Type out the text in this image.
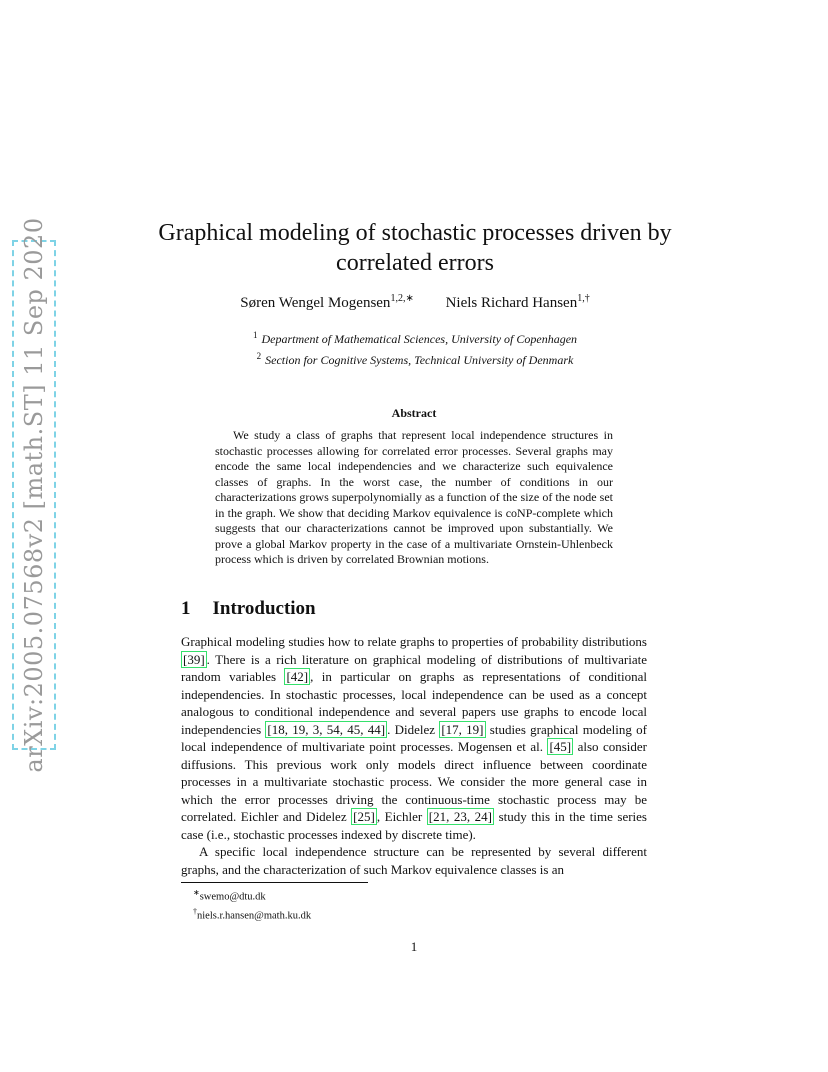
arXiv:2005.07568v2 [math.ST] 11 Sep 2020	Graphical modeling of stochastic processes driven by correlated errors
Søren Wengel Mogensen$^{1,2,∗}$ Niels Richard Hansen$^{1,\dagger}$
$^1$ Department of Mathematical Sciences, University of Copenhagen
$^2$ Section for Cognitive Systems, Technical University of Denmark
Abstract
We study a class of graphs that represent local independence structures in stochastic processes allowing for correlated error processes. Several graphs may encode the same local independencies and we characterize such equivalence classes of graphs. In the worst case, the number of conditions in our characterizations grows superpolynomially as a function of the size of the node set in the graph. We show that deciding Markov equivalence is coNP-complete which suggests that our characterizations cannot be improved upon substantially. We prove a global Markov property in the case of a multivariate Ornstein-Uhlenbeck process which is driven by correlated Brownian motions.
1 Introduction

Graphical modeling studies how to relate graphs to properties of probability distributions [39] . There is a rich literature on graphical modeling of distributions of multivariate random variables [42] , in particular on graphs as representations of conditional independencies. In stochastic processes, local independence can be used as a concept analogous to conditional independence and several papers use graphs to encode local independencies [18, 19, 3, 54, 45, 44] . Didelez [17, 19] studies graphical modeling of local independence of multivariate point processes. Mogensen et al. [45] also consider diffusions. This previous work only models direct influence between coordinate processes in a multivariate stochastic process. We consider the more general case in which the error processes driving the continuous-time stochastic process may be correlated. Eichler and Didelez [25] , Eichler [21, 23, 24] study this in the time series case (i.e., stochastic processes indexed by discrete time).

A specific local independence structure can be represented by several different graphs, and the characterization of such Markov equivalence classes is an

∗swemo@dtu.dk
†niels.r.hansen@math.ku.dk
1
